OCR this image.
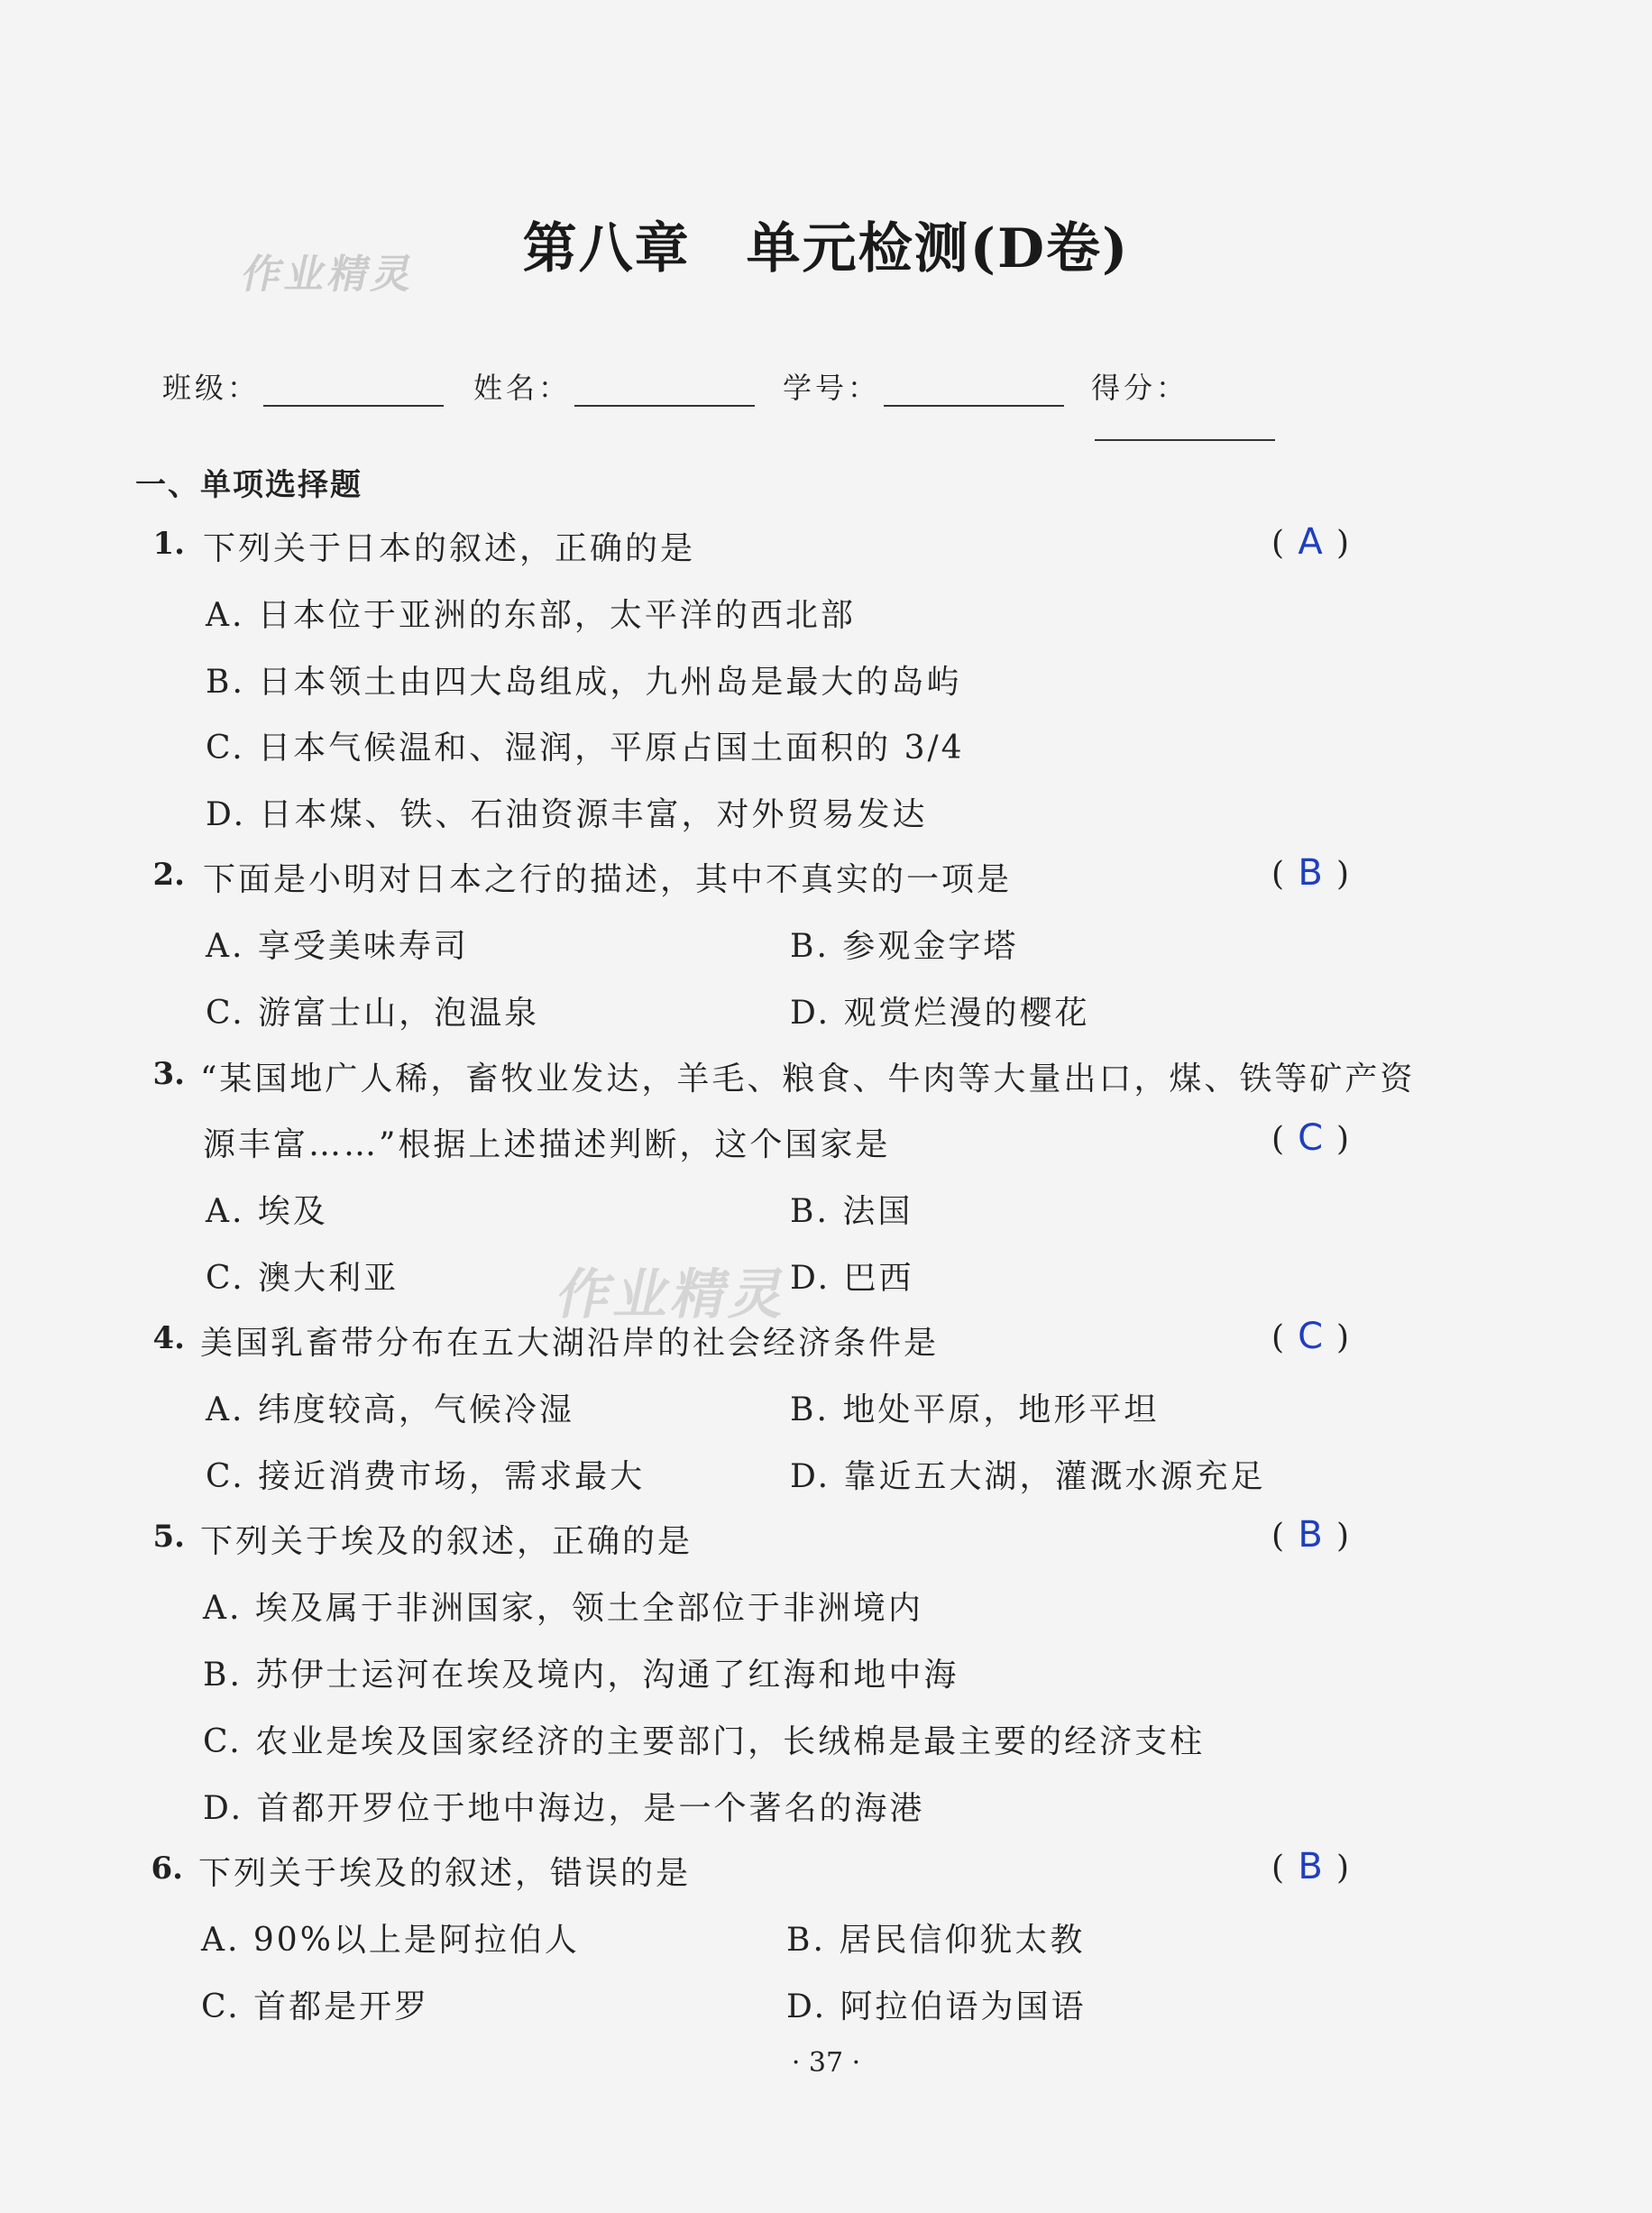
第八章　单元检测(D卷)
作业精灵
作业精灵
班级：	姓名：	学号：	得分：
一、单项选择题
1. 下列关于日本的叙述，正确的是	( A )
A. 日本位于亚洲的东部，太平洋的西北部
B. 日本领土由四大岛组成，九州岛是最大的岛屿
C. 日本气候温和、湿润，平原占国土面积的 3/4
D. 日本煤、铁、石油资源丰富，对外贸易发达
2. 下面是小明对日本之行的描述，其中不真实的一项是	( B )
A. 享受美味寿司	B. 参观金字塔
C. 游富士山，泡温泉	D. 观赏烂漫的樱花
3. “某国地广人稀，畜牧业发达，羊毛、粮食、牛肉等大量出口，煤、铁等矿产资
源丰富……”根据上述描述判断，这个国家是	( C )
A. 埃及	B. 法国
C. 澳大利亚	D. 巴西
4. 美国乳畜带分布在五大湖沿岸的社会经济条件是	( C )
A. 纬度较高，气候冷湿	B. 地处平原，地形平坦
C. 接近消费市场，需求最大	D. 靠近五大湖，灌溉水源充足
5. 下列关于埃及的叙述，正确的是	( B )
A. 埃及属于非洲国家，领土全部位于非洲境内
B. 苏伊士运河在埃及境内，沟通了红海和地中海
C. 农业是埃及国家经济的主要部门，长绒棉是最主要的经济支柱
D. 首都开罗位于地中海边，是一个著名的海港
6. 下列关于埃及的叙述，错误的是	( B )
A. 90%以上是阿拉伯人	B. 居民信仰犹太教
C. 首都是开罗	D. 阿拉伯语为国语
· 37 ·
